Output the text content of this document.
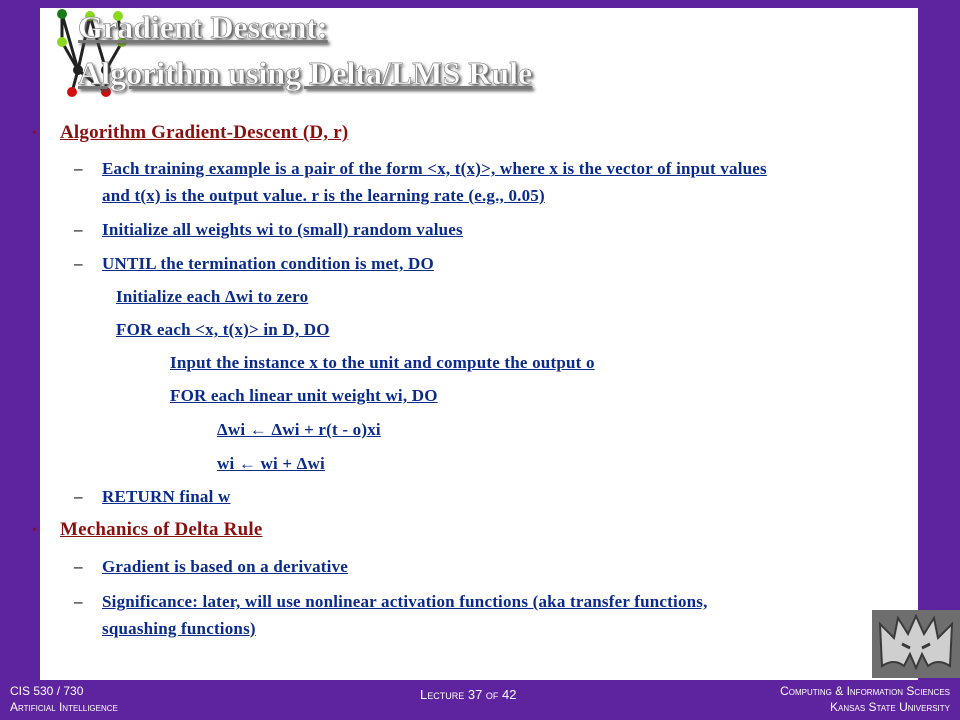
Gradient Descent:
Algorithm using Delta/LMS Rule
• Algorithm Gradient-Descent (D, r)
– Each training example is a pair of the form <x, t(x)>, where x is the vector of input values
and t(x) is the output value. r is the learning rate (e.g., 0.05)
– Initialize all weights wi to (small) random values
– UNTIL the termination condition is met, DO
Initialize each Δwi to zero
FOR each <x, t(x)> in D, DO
Input the instance x to the unit and compute the output o
FOR each linear unit weight wi, DO
Δwi ← Δwi + r(t - o)xi
wi ← wi + Δwi
– RETURN final w
• Mechanics of Delta Rule
– Gradient is based on a derivative
– Significance: later, will use nonlinear activation functions (aka transfer functions,
squashing functions)
CIS 530 / 730
Artificial Intelligence
Lecture 37 of 42	Computing & Information Sciences
Kansas State University
